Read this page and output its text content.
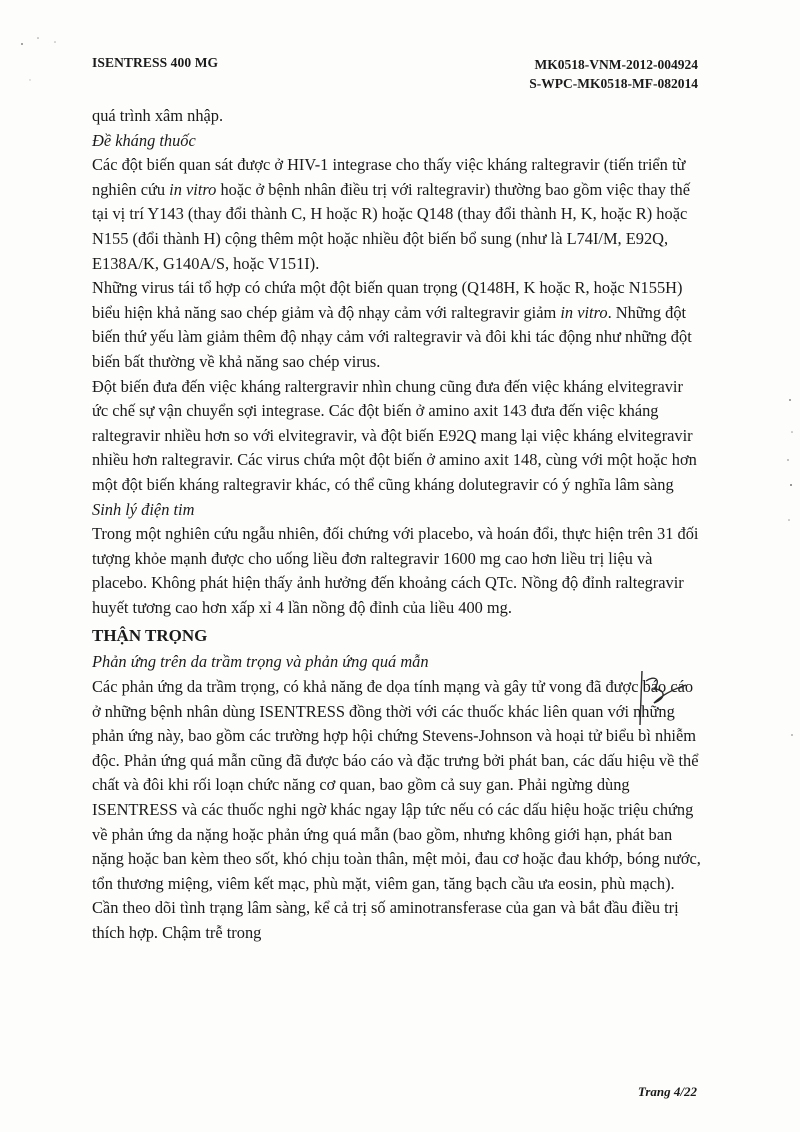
ISENTRESS 400 MG	MK0518-VNM-2012-004924
S-WPC-MK0518-MF-082014

quá trình xâm nhập.

Đề kháng thuốc

Các đột biến quan sát được ở HIV-1 integrase cho thấy việc kháng raltegravir (tiến triển từ nghiên cứu in vitro hoặc ở bệnh nhân điều trị với raltegravir) thường bao gồm việc thay thế tại vị trí Y143 (thay đổi thành C, H hoặc R) hoặc Q148 (thay đổi thành H, K, hoặc R) hoặc N155 (đổi thành H) cộng thêm một hoặc nhiều đột biến bổ sung (như là L74I/M, E92Q, E138A/K, G140A/S, hoặc V151I).

Những virus tái tổ hợp có chứa một đột biến quan trọng (Q148H, K hoặc R, hoặc N155H) biểu hiện khả năng sao chép giảm và độ nhạy cảm với raltegravir giảm in vitro. Những đột biến thứ yếu làm giảm thêm độ nhạy cảm với raltegravir và đôi khi tác động như những đột biến bất thường về khả năng sao chép virus.

Đột biến đưa đến việc kháng raltergravir nhìn chung cũng đưa đến việc kháng elvitegravir ức chế sự vận chuyển sợi integrase. Các đột biến ở amino axit 143 đưa đến việc kháng raltegravir nhiều hơn so với elvitegravir, và đột biến E92Q mang lại việc kháng elvitegravir nhiều hơn raltegravir. Các virus chứa một đột biến ở amino axit 148, cùng với một hoặc hơn một đột biến kháng raltegravir khác, có thể cũng kháng dolutegravir có ý nghĩa lâm sàng

Sinh lý điện tim

Trong một nghiên cứu ngẫu nhiên, đối chứng với placebo, và hoán đổi, thực hiện trên 31 đối tượng khỏe mạnh được cho uống liều đơn raltegravir 1600 mg cao hơn liều trị liệu và placebo. Không phát hiện thấy ảnh hưởng đến khoảng cách QTc. Nồng độ đỉnh raltegravir huyết tương cao hơn xấp xỉ 4 lần nồng độ đỉnh của liều 400 mg.

THẬN TRỌNG

Phản ứng trên da trầm trọng và phản ứng quá mẫn

Các phản ứng da trầm trọng, có khả năng đe dọa tính mạng và gây tử vong đã được báo cáo ở những bệnh nhân dùng ISENTRESS đồng thời với các thuốc khác liên quan với những phản ứng này, bao gồm các trường hợp hội chứng Stevens-Johnson và hoại tử biểu bì nhiễm độc. Phản ứng quá mẫn cũng đã được báo cáo và đặc trưng bởi phát ban, các dấu hiệu về thể chất và đôi khi rối loạn chức năng cơ quan, bao gồm cả suy gan. Phải ngừng dùng ISENTRESS và các thuốc nghi ngờ khác ngay lập tức nếu có các dấu hiệu hoặc triệu chứng về phản ứng da nặng hoặc phản ứng quá mẫn (bao gồm, nhưng không giới hạn, phát ban nặng hoặc ban kèm theo sốt, khó chịu toàn thân, mệt mỏi, đau cơ hoặc đau khớp, bóng nước, tổn thương miệng, viêm kết mạc, phù mặt, viêm gan, tăng bạch cầu ưa eosin, phù mạch). Cần theo dõi tình trạng lâm sàng, kể cả trị số aminotransferase của gan và bắt đầu điều trị thích hợp. Chậm trễ trong

Trang 4/22
